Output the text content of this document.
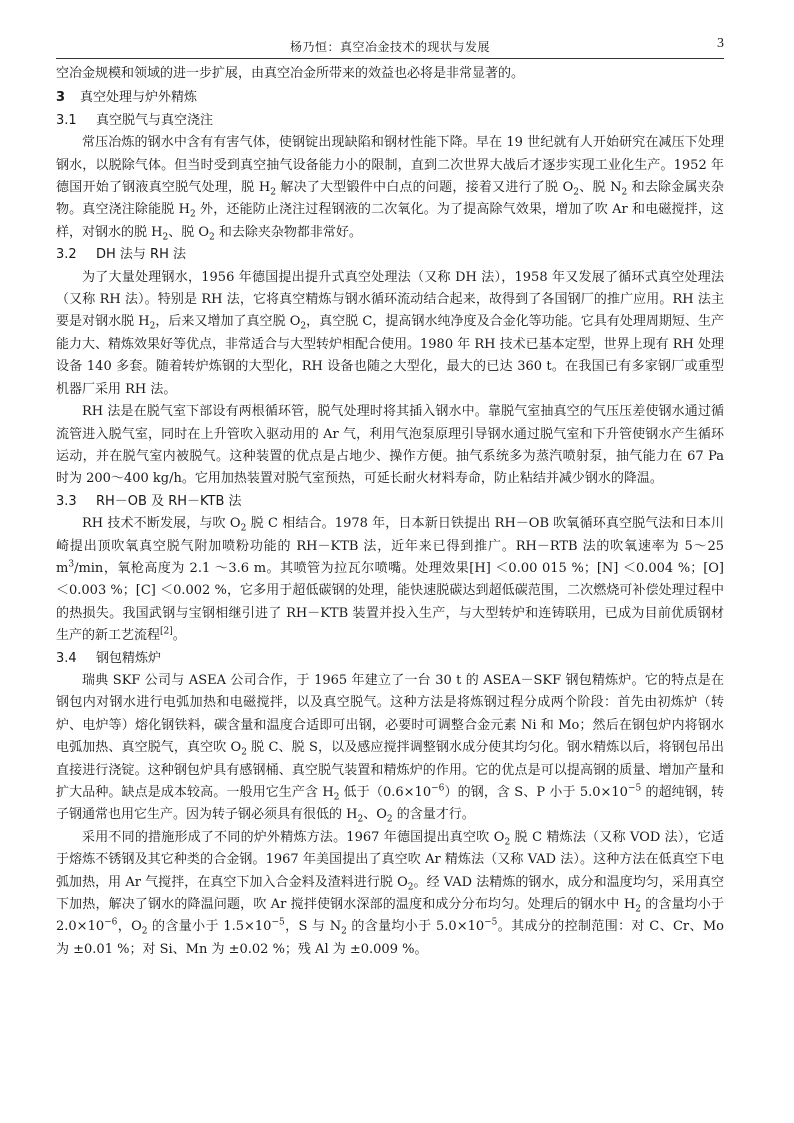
杨乃恒：真空冶金技术的现状与发展	3

空冶金规模和领域的进一步扩展，由真空冶金所带来的效益也必将是非常显著的。

3 真空处理与炉外精炼
3.1 真空脱气与真空浇注

常压冶炼的钢水中含有有害气体，使钢锭出现缺陷和钢材性能下降。早在 19 世纪就有人开始研究在减压下处理钢水，以脱除气体。但当时受到真空抽气设备能力小的限制，直到二次世界大战后才逐步实现工业化生产。1952 年德国开始了钢液真空脱气处理，脱 $H_2$ 解决了大型锻件中白点的问题，接着又进行了脱 $O_2$、脱 $N_2$ 和去除金属夹杂物。真空浇注除能脱 $H_2$ 外，还能防止浇注过程钢液的二次氧化。为了提高除气效果，增加了吹 Ar 和电磁搅拌，这样，对钢水的脱 $H_2$、脱 $O_2$ 和去除夹杂物都非常好。

3.2 DH 法与 RH 法

为了大量处理钢水，1956 年德国提出提升式真空处理法（又称 DH 法），1958 年又发展了循环式真空处理法（又称 RH 法）。特别是 RH 法，它将真空精炼与钢水循环流动结合起来，故得到了各国钢厂的推广应用。RH 法主要是对钢水脱 $H_2$，后来又增加了真空脱 $O_2$，真空脱 C，提高钢水纯净度及合金化等功能。它具有处理周期短、生产能力大、精炼效果好等优点，非常适合与大型转炉相配合使用。1980 年 RH 技术已基本定型，世界上现有 RH 处理设备 140 多套。随着转炉炼钢的大型化，RH 设备也随之大型化，最大的已达 360 t。在我国已有多家钢厂或重型机器厂采用 RH 法。

RH 法是在脱气室下部设有两根循环管，脱气处理时将其插入钢水中。靠脱气室抽真空的气压压差使钢水通过循流管进入脱气室，同时在上升管吹入驱动用的 Ar 气，利用气泡泵原理引导钢水通过脱气室和下升管使钢水产生循环运动，并在脱气室内被脱气。这种装置的优点是占地少、操作方便。抽气系统多为蒸汽喷射泵，抽气能力在 67 Pa 时为 200～400 kg/h。它用加热装置对脱气室预热，可延长耐火材料寿命，防止粘结并减少钢水的降温。

3.3 RH－OB 及 RH－KTB 法

RH 技术不断发展，与吹 $O_2$ 脱 C 相结合。1978 年，日本新日铁提出 RH－OB 吹氧循环真空脱气法和日本川崎提出顶吹氧真空脱气附加喷粉功能的 RH－KTB 法，近年来已得到推广。RH－RTB 法的吹氧速率为 5～25 $m^3/\min$，氧枪高度为 2.1 ～3.6 m。其喷管为拉瓦尔喷嘴。处理效果[H] ＜0.00 015 %；[N] ＜0.004 %；[O] ＜0.003 %；[C] ＜0.002 %，它多用于超低碳钢的处理，能快速脱碳达到超低碳范围，二次燃烧可补偿处理过程中的热损失。我国武钢与宝钢相继引进了 RH－KTB 装置并投入生产，与大型转炉和连铸联用，已成为目前优质钢材生产的新工艺流程[2]。

3.4 钢包精炼炉

瑞典 SKF 公司与 ASEA 公司合作，于 1965 年建立了一台 30 t 的 ASEA－SKF 钢包精炼炉。它的特点是在钢包内对钢水进行电弧加热和电磁搅拌，以及真空脱气。这种方法是将炼钢过程分成两个阶段：首先由初炼炉（转炉、电炉等）熔化钢铁料，碳含量和温度合适即可出钢，必要时可调整合金元素 Ni 和 Mo；然后在钢包炉内将钢水电弧加热、真空脱气，真空吹 $O_2$ 脱 C、脱 S，以及感应搅拌调整钢水成分使其均匀化。钢水精炼以后，将钢包吊出直接进行浇锭。这种钢包炉具有感钢桶、真空脱气装置和精炼炉的作用。它的优点是可以提高钢的质量、增加产量和扩大品种。缺点是成本较高。一般用它生产含 $H_2$ 低于$(0.6\times 10^{-6})$的钢，含 S、P 小于 $5.0\times 10^{-5}$ 的超纯钢，转子钢通常也用它生产。因为转子钢必须具有很低的 $H_2$、$O_2$ 的含量才行。

采用不同的措施形成了不同的炉外精炼方法。1967 年德国提出真空吹 $O_2$ 脱 C 精炼法（又称 VOD 法），它适于熔炼不锈钢及其它种类的合金钢。1967 年美国提出了真空吹 Ar 精炼法（又称 VAD 法）。这种方法在低真空下电弧加热，用 Ar 气搅拌，在真空下加入合金料及渣料进行脱 $O_2$。经 VAD 法精炼的钢水，成分和温度均匀，采用真空下加热，解决了钢水的降温问题，吹 Ar 搅拌使钢水深部的温度和成分分布均匀。处理后的钢水中 $H_2$ 的含量均小于 $2.0\times 10^{-6}$，$O_2$ 的含量小于 $1.5\times 10^{-5}$，S 与 $N_2$ 的含量均小于 $5.0\times 10^{-5}$。其成分的控制范围：对 C、Cr、Mo 为 ±0.01 %；对 Si、Mn 为 ±0.02 %；残 Al 为 ±0.009 %。
